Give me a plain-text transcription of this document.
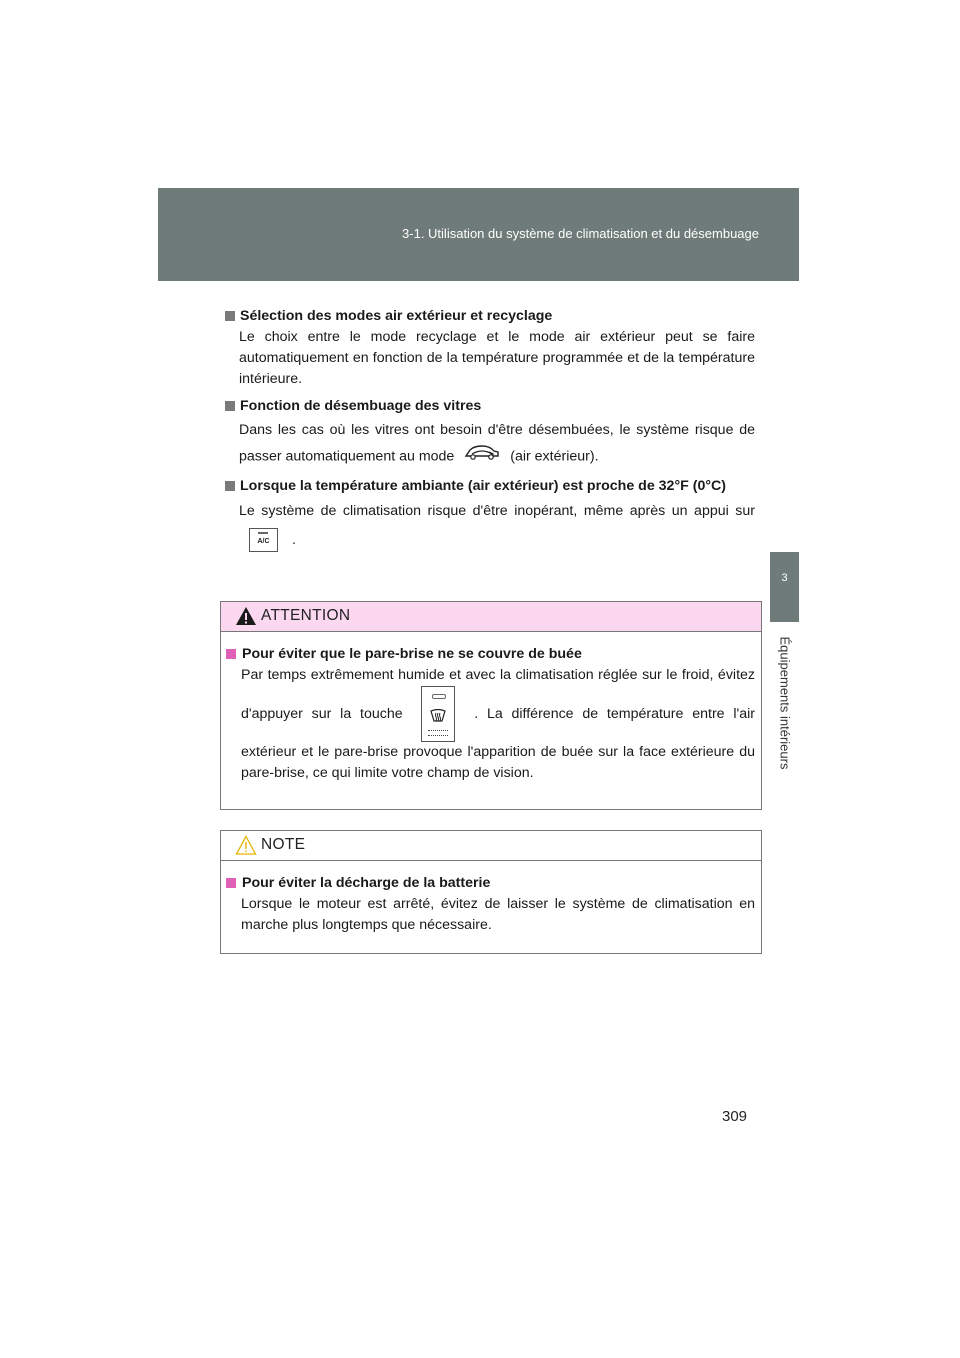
3-1. Utilisation du système de climatisation et du désembuage
3
Équipements intérieurs
Sélection des modes air extérieur et recyclage
Le choix entre le mode recyclage et le mode air extérieur peut se faire automatiquement en fonction de la température programmée et de la température intérieure.
Fonction de désembuage des vitres
Dans les cas où les vitres ont besoin d'être désembuées, le système risque de passer automatiquement au mode	(air extérieur).
Lorsque la température ambiante (air extérieur) est proche de 32°F (0°C)
Le système de climatisation risque d'être inopérant, même après un appui sur
A/C	.
ATTENTION
Pour éviter que le pare-brise ne se couvre de buée
Par temps extrêmement humide et avec la climatisation réglée sur le froid, évitez d'appuyer sur la touche	. La différence de température entre l'air extérieur et le pare-brise provoque l'apparition de buée sur la face extérieure du pare-brise, ce qui limite votre champ de vision.
NOTE
Pour éviter la décharge de la batterie
Lorsque le moteur est arrêté, évitez de laisser le système de climatisation en marche plus longtemps que nécessaire.
309
